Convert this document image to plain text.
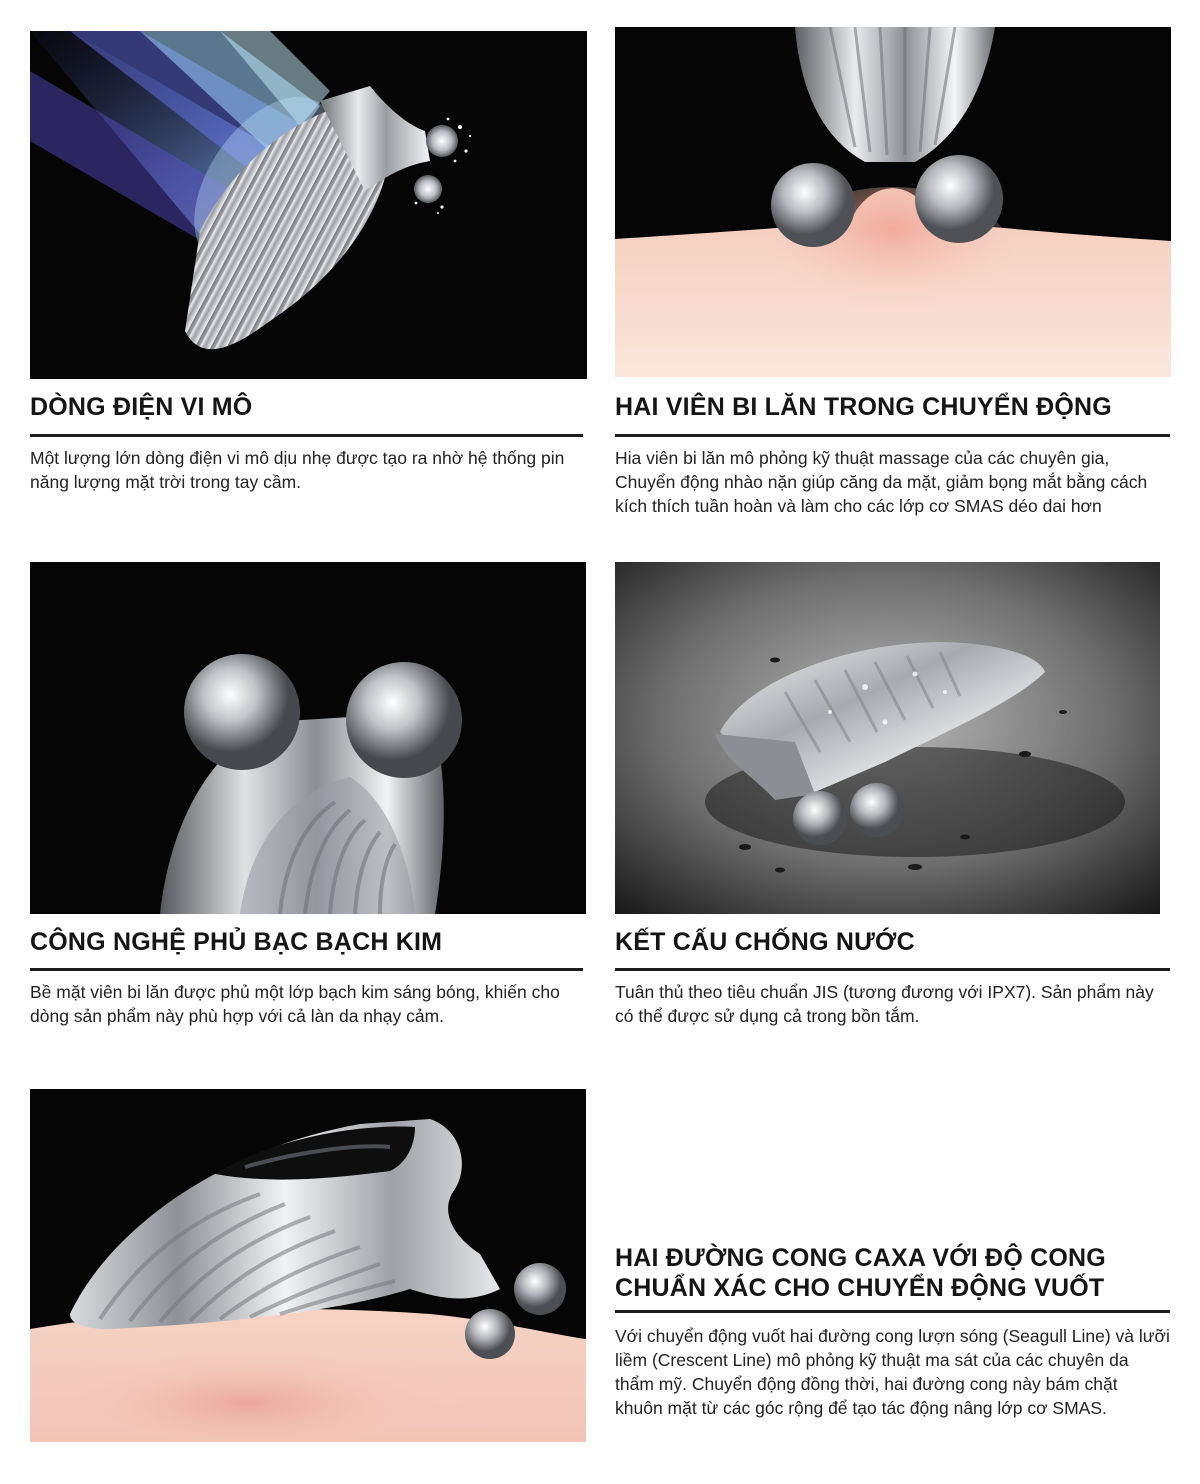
DÒNG ĐIỆN VI MÔ
Một lượng lớn dòng điện vi mô dịu nhẹ được tạo ra nhờ hệ thống pin năng lượng mặt trời trong tay cầm.
HAI VIÊN BI LĂN TRONG CHUYỂN ĐỘNG
Hia viên bi lăn mô phỏng kỹ thuật massage của các chuyên gia, Chuyển động nhào nặn giúp căng da mặt, giảm bọng mắt bằng cách kích thích tuần hoàn và làm cho các lớp cơ SMAS déo dai hơn
CÔNG NGHỆ PHỦ BẠC BẠCH KIM
Bề mặt viên bi lăn được phủ một lớp bạch kim sáng bóng, khiến cho dòng sản phẩm này phù hợp với cả làn da nhạy cảm.
KẾT CẤU CHỐNG NƯỚC
Tuân thủ theo tiêu chuẩn JIS (tương đương với IPX7). Sản phẩm này có thể được sử dụng cả trong bồn tắm.
HAI ĐƯỜNG CONG CAXA VỚI ĐỘ CONG
CHUẨN XÁC CHO CHUYỂN ĐỘNG VUỐT
Với chuyển động vuốt hai đường cong lượn sóng (Seagull Line) và lưỡi liềm (Crescent Line) mô phỏng kỹ thuật ma sát của các chuyên da thẩm mỹ. Chuyển động đồng thời, hai đường cong này bám chặt khuôn mặt từ các góc rộng để tạo tác động nâng lớp cơ SMAS.
